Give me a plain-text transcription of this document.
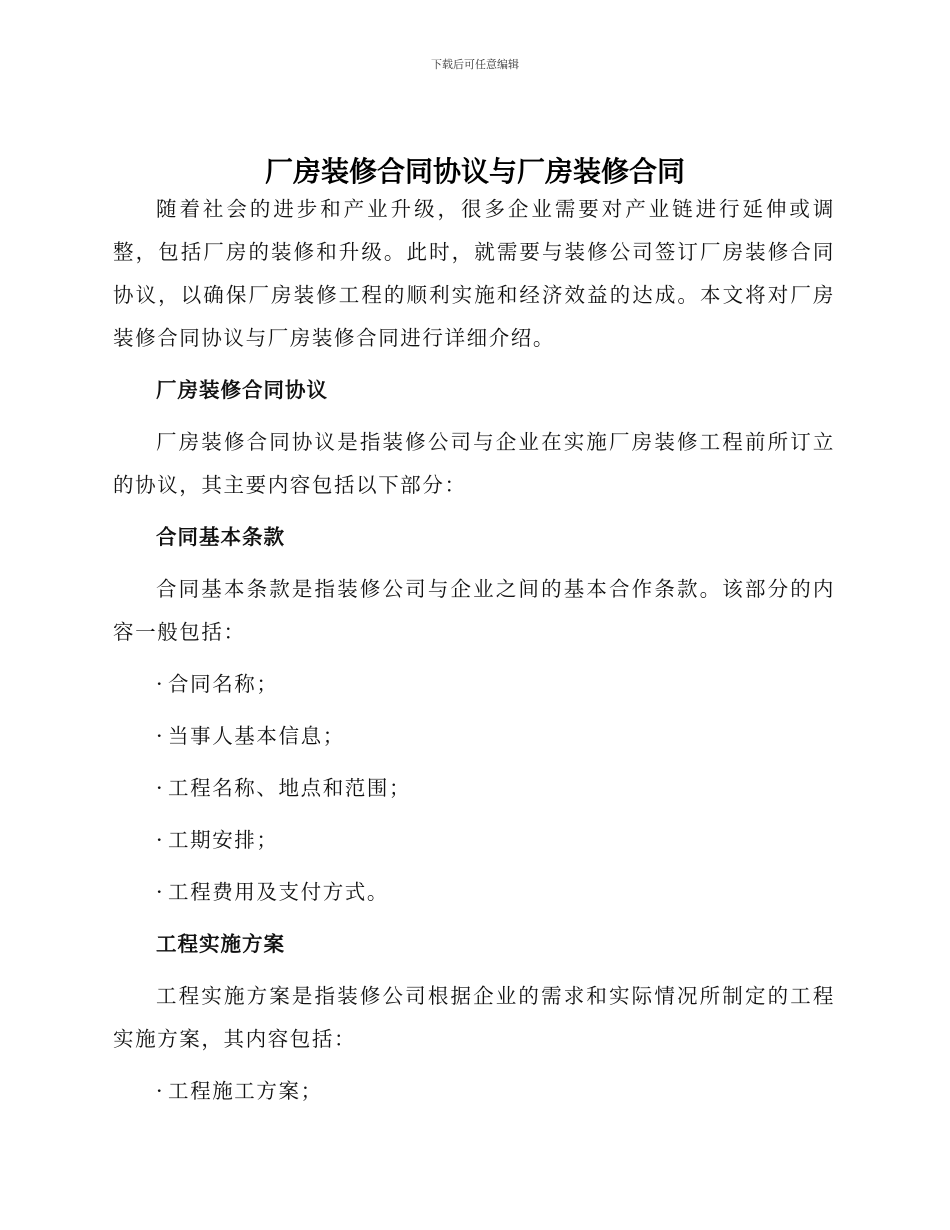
下载后可任意编辑
厂房装修合同协议与厂房装修合同

随着社会的进步和产业升级，很多企业需要对产业链进行延伸或调整，包括厂房的装修和升级。此时，就需要与装修公司签订厂房装修合同协议，以确保厂房装修工程的顺利实施和经济效益的达成。本文将对厂房装修合同协议与厂房装修合同进行详细介绍。

厂房装修合同协议

厂房装修合同协议是指装修公司与企业在实施厂房装修工程前所订立的协议，其主要内容包括以下部分：

合同基本条款

合同基本条款是指装修公司与企业之间的基本合作条款。该部分的内容一般包括：

· 合同名称；
· 当事人基本信息；
· 工程名称、地点和范围；
· 工期安排；
· 工程费用及支付方式。
工程实施方案

工程实施方案是指装修公司根据企业的需求和实际情况所制定的工程实施方案，其内容包括：

· 工程施工方案；
